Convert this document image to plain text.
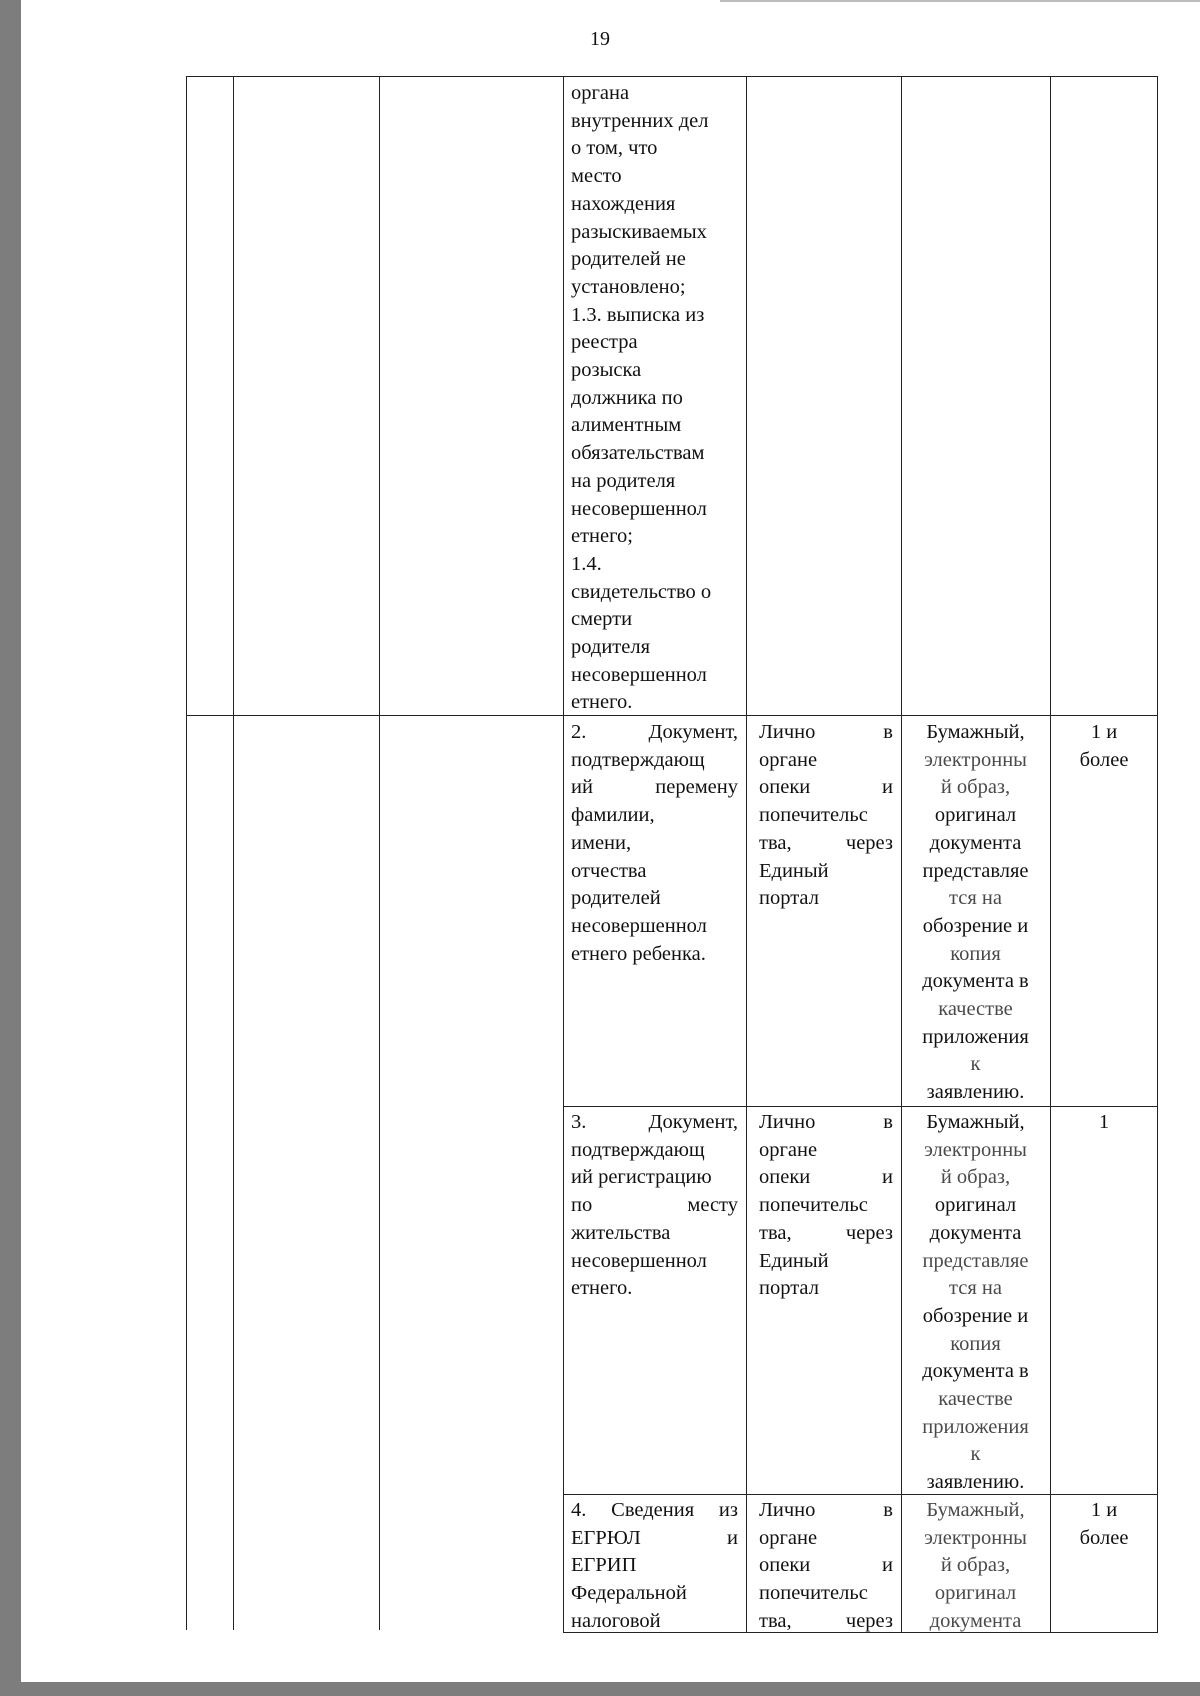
19
органа
внутренних дел
о том, что
место
нахождения
разыскиваемых
родителей не
установлено;
1.3. выписка из
реестра
розыска
должника по
алиментным
обязательствам
на родителя
несовершеннол
етнего;
1.4.
свидетельство о
смерти
родителя
несовершеннол
етнего.
2. Документ,
подтверждающ
ий перемену
фамилии,
имени,
отчества
родителей
несовершеннол
етнего ребенка.
Лично в
органе
опеки и
попечительс
тва, через
Единый
портал
Бумажный,
электронны
й образ,
оригинал
документа
представляе
тся на
обозрение и
копия
документа в
качестве
приложения
к
заявлению.
1 и
более
3. Документ,
подтверждающ
ий регистрацию
по месту
жительства
несовершеннол
етнего.
Лично в
органе
опеки и
попечительс
тва, через
Единый
портал
Бумажный,
электронны
й образ,
оригинал
документа
представляе
тся на
обозрение и
копия
документа в
качестве
приложения
к
заявлению.
1
4. Сведения из
ЕГРЮЛ и
ЕГРИП
Федеральной
налоговой
Лично в
органе
опеки и
попечительс
тва, через
Бумажный,
электронны
й образ,
оригинал
документа
1 и
более
